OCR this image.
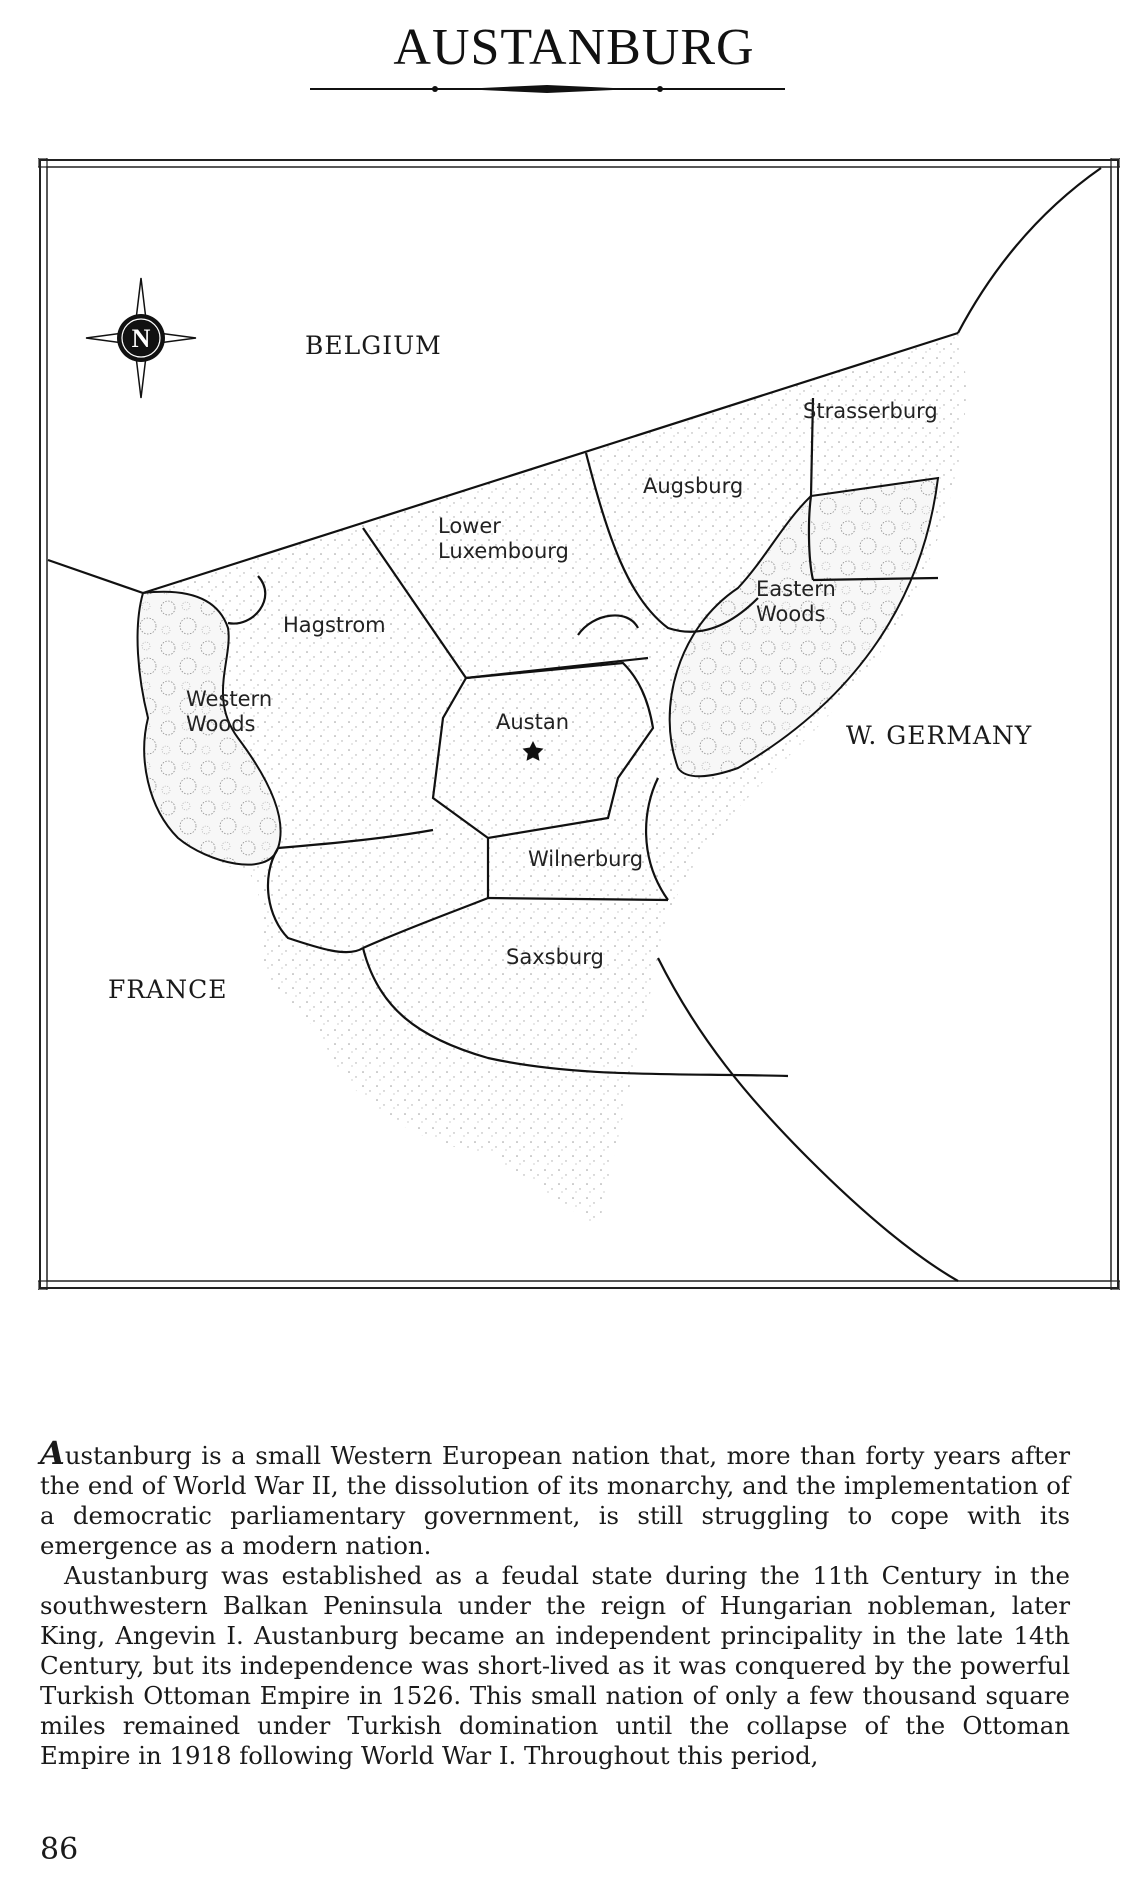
AUSTANBURG
N	BELGIUM
W. GERMANY
FRANCE
Strasserburg
Augsburg
Lower
Luxembourg
Eastern
Woods
Hagstrom
Western
Woods	Austan
Wilnerburg
Saxsburg

Austanburg is a small Western European nation that, more than forty years after the end of World War II, the dissolution of its monarchy, and the implementation of a democratic parliamentary government, is still struggling to cope with its emergence as a modern nation.

Austanburg was established as a feudal state during the 11th Century in the southwestern Balkan Peninsula under the reign of Hungarian nobleman, later King, Angevin I. Austanburg became an independent principality in the late 14th Century, but its independence was short-lived as it was conquered by the powerful Turkish Ottoman Empire in 1526. This small nation of only a few thousand square miles remained under Turkish domination until the collapse of the Ottoman Empire in 1918 following World War I. Throughout this period,

86
